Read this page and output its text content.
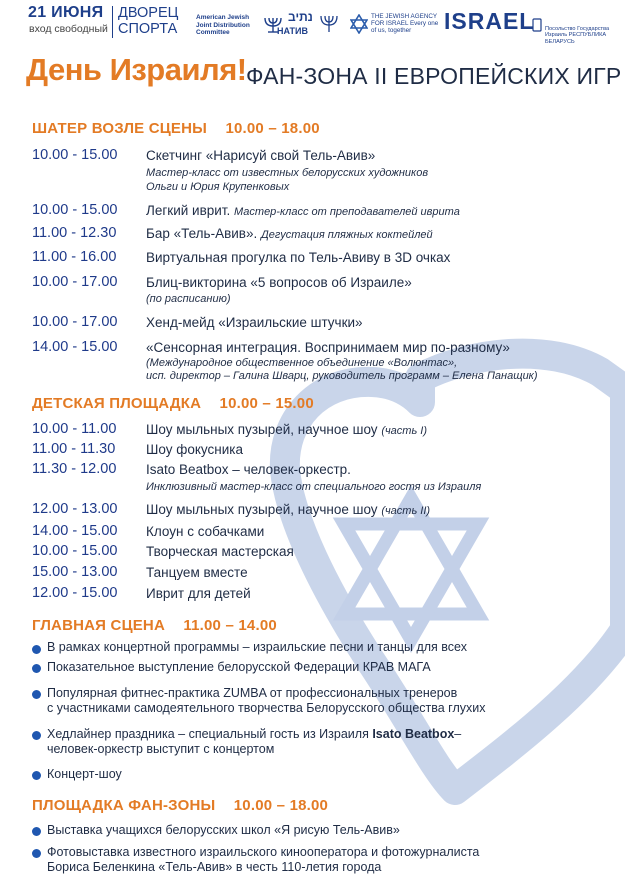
21 ИЮНЯ
вход свободный
ДВОРЕЦ
СПОРТА
American Jewish Joint Distribution Committee
נתיב
НАТИВ
THE JEWISH AGENCY FOR ISRAEL Every one of us, together	ISRAEL Посольство Государства Израиль РЕСПУБЛИКА БЕЛАРУСЬ
День Израиля! ФАН-ЗОНА II ЕВРОПЕЙСКИХ ИГР
ШАТЕР ВОЗЛЕ СЦЕНЫ 10.00 – 18.00
10.00 - 15.00 Скетчинг «Нарисуй свой Тель-Авив»
Мастер-класс от известных белорусских художников
Ольги и Юрия Крупенковых
10.00 - 15.00 Легкий иврит. Мастер-класс от преподавателей иврита
11.00 - 12.30 Бар «Тель-Авив». Дегустация пляжных коктейлей
11.00 - 16.00 Виртуальная прогулка по Тель-Авиву в 3D очках
10.00 - 17.00 Блиц-викторина «5 вопросов об Израиле»
(по расписанию)
10.00 - 17.00 Хенд-мейд «Израильские штучки»
14.00 - 15.00 «Сенсорная интеграция. Воспринимаем мир по-разному»
(Международное общественное объединение «Волюнтас»,
исп. директор – Галина Шварц, руководитель программ – Елена Панащик)
ДЕТСКАЯ ПЛОЩАДКА 10.00 – 15.00
10.00 - 11.00 Шоу мыльных пузырей, научное шоу (часть I)
11.00 - 11.30 Шоу фокусника
11.30 - 12.00 Isato Beatbox – человек-оркестр.
Инклюзивный мастер-класс от специального гостя из Израиля
12.00 - 13.00 Шоу мыльных пузырей, научное шоу (часть II)
14.00 - 15.00 Клоун с собачками
10.00 - 15.00 Творческая мастерская
15.00 - 13.00 Танцуем вместе
12.00 - 15.00 Иврит для детей
ГЛАВНАЯ СЦЕНА 11.00 – 14.00
В рамках концертной программы – израильские песни и танцы для всех
Показательное выступление белорусской Федерации КРАВ МАГА
Популярная фитнес-практика ZUMBA от профессиональных тренеров
с участниками самодеятельного творчества Белорусского общества глухих
Хедлайнер праздника – специальный гость из Израиля Isato Beatbox–
человек-оркестр выступит с концертом
Концерт-шоу
ПЛОЩАДКА ФАН-ЗОНЫ 10.00 – 18.00
Выставка учащихся белорусских школ «Я рисую Тель-Авив»
Фотовыставка известного израильского кинооператора и фотожурналиста
Бориса Беленкина «Тель-Авив» в честь 110-летия города
